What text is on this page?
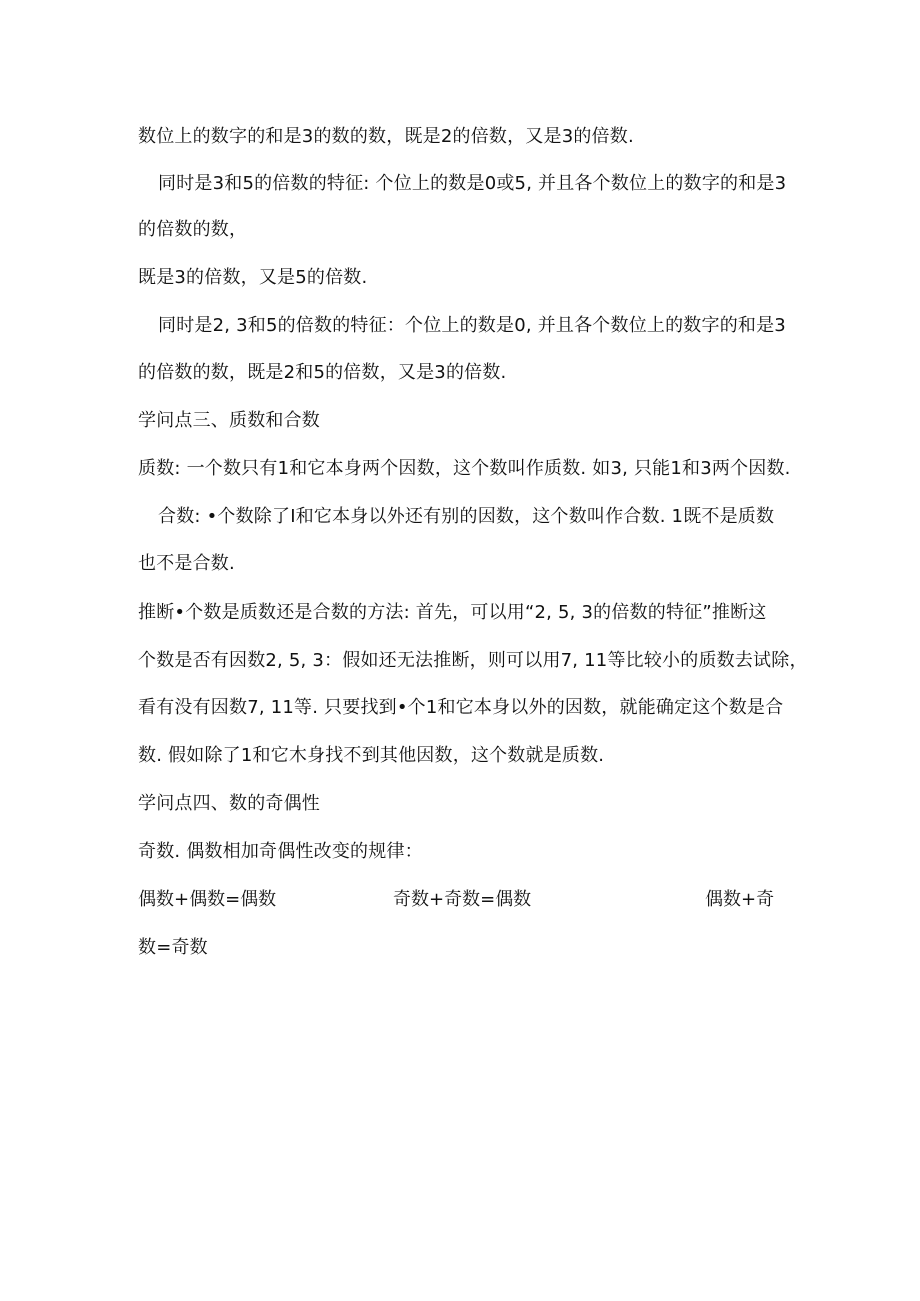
数位上的数字的和是3的数的数，既是2的倍数，又是3的倍数.
同时是3和5的倍数的特征: 个位上的数是0或5, 并且各个数位上的数字的和是3
的倍数的数，
既是3的倍数，又是5的倍数.
同时是2, 3和5的倍数的特征：个位上的数是0, 并且各个数位上的数字的和是3
的倍数的数，既是2和5的倍数，又是3的倍数.
学问点三、质数和合数
质数: 一个数只有1和它本身两个因数，这个数叫作质数. 如3, 只能1和3两个因数.
合数: •个数除了I和它本身以外还有别的因数，这个数叫作合数. 1既不是质数
也不是合数.
推断•个数是质数还是合数的方法: 首先，可以用“2, 5, 3的倍数的特征”推断这
个数是否有因数2, 5, 3：假如还无法推断，则可以用7, 11等比较小的质数去试除，
看有没有因数7, 11等. 只要找到•个1和它本身以外的因数，就能确定这个数是合
数. 假如除了1和它木身找不到其他因数，这个数就是质数.
学问点四、数的奇偶性
奇数. 偶数相加奇偶性改变的规律：
偶数+偶数=偶数	奇数+奇数=偶数	偶数+奇
数=奇数
